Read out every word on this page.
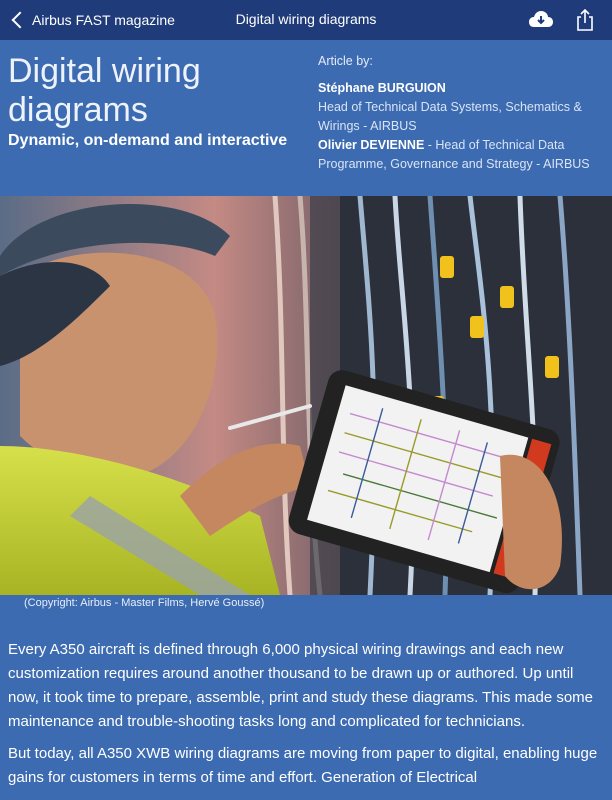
Airbus FAST magazine	Digital wiring diagrams
Digital wiring diagrams
Dynamic, on-demand and interactive
Article by:
Stéphane BURGUION
Head of Technical Data Systems, Schematics & Wirings - AIRBUS
Olivier DEVIENNE - Head of Technical Data Programme, Governance and Strategy - AIRBUS
(Copyright: Airbus - Master Films, Hervé Goussé)

Every A350 aircraft is defined through 6,000 physical wiring drawings and each new customization requires around another thousand to be drawn up or authored. Up until now, it took time to prepare, assemble, print and study these diagrams. This made some maintenance and trouble-shooting tasks long and complicated for technicians.

But today, all A350 XWB wiring diagrams are moving from paper to digital, enabling huge gains for customers in terms of time and effort. Generation of Electrical
